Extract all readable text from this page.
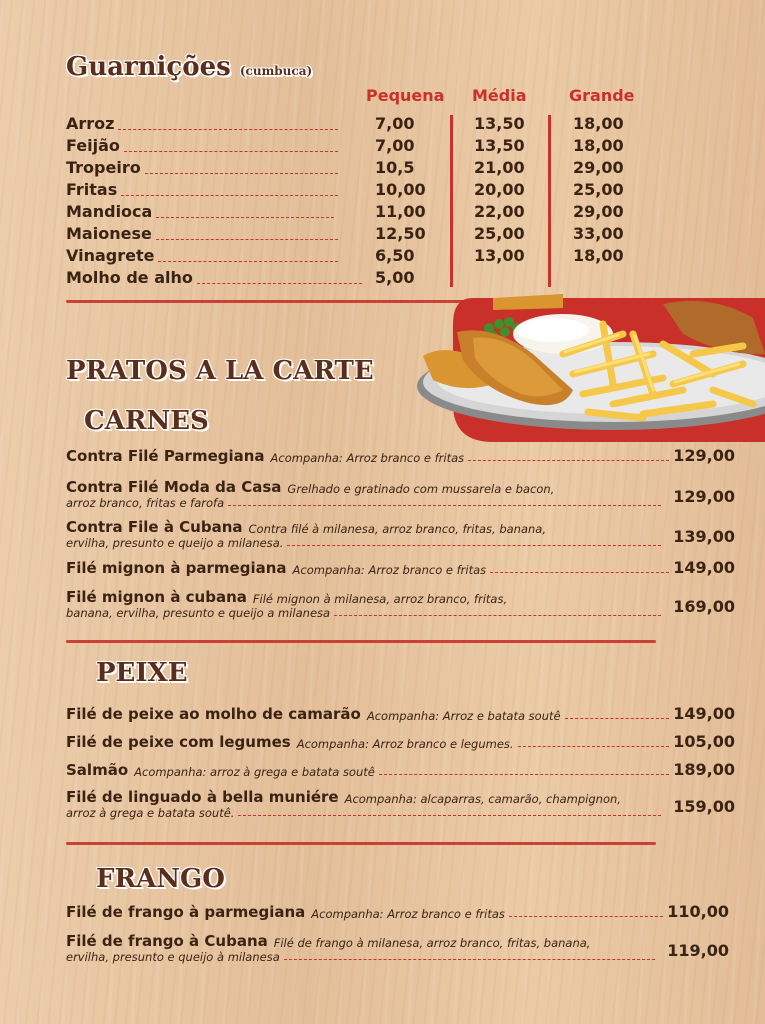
Guarnições (cumbuca)
Pequena Média	Grande
Arroz	7,00	13,50	18,00
Feijão	7,00	13,50	18,00
Tropeiro	10,5	21,00	29,00
Fritas	10,00	20,00	25,00
Mandioca	11,00	22,00	29,00
Maionese	12,50	25,00	33,00
Vinagrete	6,50	13,00	18,00
Molho de alho	5,00
PRATOS A LA CARTE
CARNES
Contra Filé Parmegiana Acompanha: Arroz branco e fritas	129,00
Contra Filé Moda da Casa Grelhado e gratinado com mussarela e bacon,
arroz branco, fritas e farofa	129,00
Contra File à Cubana Contra filé à milanesa, arroz branco, fritas, banana,
ervilha, presunto e queijo a milanesa.	139,00
Filé mignon à parmegiana Acompanha: Arroz branco e fritas	149,00
Filé mignon à cubana Filé mignon à milanesa, arroz branco, fritas,
banana, ervilha, presunto e queijo a milanesa	169,00
PEIXE
Filé de peixe ao molho de camarão Acompanha: Arroz e batata soutê	149,00
Filé de peixe com legumes Acompanha: Arroz branco e legumes.	105,00
Salmão Acompanha: arroz à grega e batata soutê	189,00
Filé de linguado à bella muniére Acompanha: alcaparras, camarão, champignon,
arroz à grega e batata soutê.	159,00
FRANGO
Filé de frango à parmegiana Acompanha: Arroz branco e fritas	110,00
Filé de frango à Cubana Filé de frango à milanesa, arroz branco, fritas, banana,
ervilha, presunto e queijo à milanesa	119,00
